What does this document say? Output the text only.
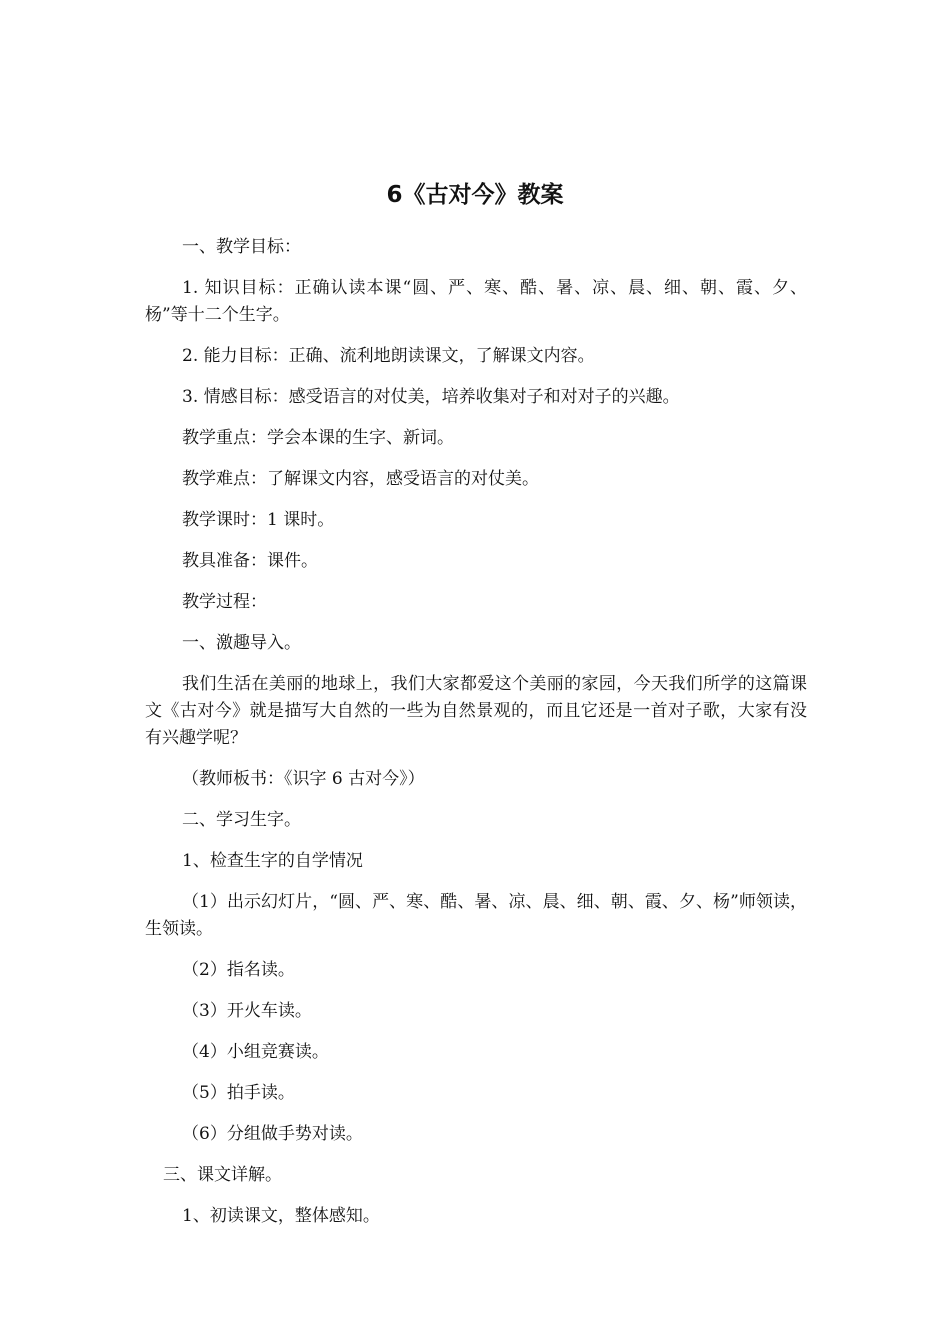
6《古对今》教案

一、教学目标：

1. 知识目标：正确认读本课“圆、严、寒、酷、暑、凉、晨、细、朝、霞、夕、杨”等十二个生字。

2. 能力目标：正确、流利地朗读课文，了解课文内容。

3. 情感目标：感受语言的对仗美，培养收集对子和对对子的兴趣。

教学重点：学会本课的生字、新词。

教学难点：了解课文内容，感受语言的对仗美。

教学课时：1 课时。

教具准备：课件。

教学过程：

一、激趣导入。

我们生活在美丽的地球上，我们大家都爱这个美丽的家园，今天我们所学的这篇课文《古对今》就是描写大自然的一些为自然景观的，而且它还是一首对子歌，大家有没有兴趣学呢？

（教师板书：《识字 6 古对今》）

二、学习生字。

1、检查生字的自学情况

（1）出示幻灯片，“圆、严、寒、酷、暑、凉、晨、细、朝、霞、夕、杨”师领读，生领读。

（2）指名读。

（3）开火车读。

（4）小组竞赛读。

（5）拍手读。

（6）分组做手势对读。

三、课文详解。

1、初读课文，整体感知。
